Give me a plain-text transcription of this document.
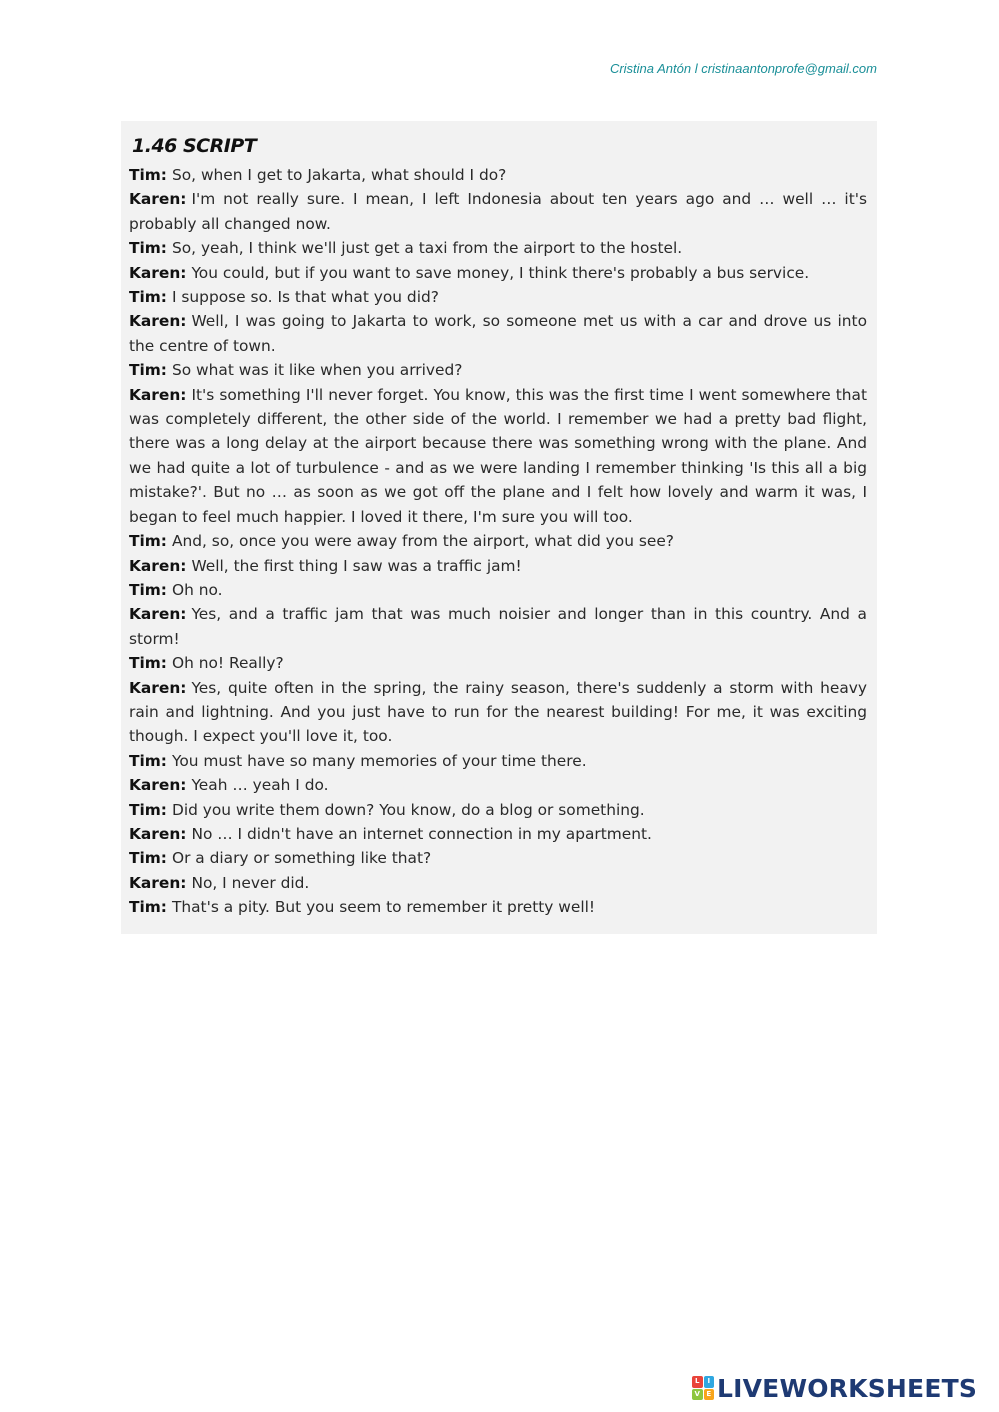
Cristina Antón l cristinaantonprofe@gmail.com
1.46 SCRIPT

Tim: So, when I get to Jakarta, what should I do?

Karen: I'm not really sure. I mean, I left Indonesia about ten years ago and … well … it's probably all changed now.

Tim: So, yeah, I think we'll just get a taxi from the airport to the hostel.

Karen: You could, but if you want to save money, I think there's probably a bus service.

Tim: I suppose so. Is that what you did?

Karen: Well, I was going to Jakarta to work, so someone met us with a car and drove us into the centre of town.

Tim: So what was it like when you arrived?

Karen: It's something I'll never forget. You know, this was the first time I went somewhere that was completely different, the other side of the world. I remember we had a pretty bad flight, there was a long delay at the airport because there was something wrong with the plane. And we had quite a lot of turbulence - and as we were landing I remember thinking 'Is this all a big mistake?'. But no … as soon as we got off the plane and I felt how lovely and warm it was, I began to feel much happier. I loved it there, I'm sure you will too.

Tim: And, so, once you were away from the airport, what did you see?

Karen: Well, the first thing I saw was a traffic jam!

Tim: Oh no.

Karen: Yes, and a traffic jam that was much noisier and longer than in this country. And a storm!

Tim: Oh no! Really?

Karen: Yes, quite often in the spring, the rainy season, there's suddenly a storm with heavy rain and lightning. And you just have to run for the nearest building! For me, it was exciting though. I expect you'll love it, too.

Tim: You must have so many memories of your time there.

Karen: Yeah … yeah I do.

Tim: Did you write them down? You know, do a blog or something.

Karen: No … I didn't have an internet connection in my apartment.

Tim: Or a diary or something like that?

Karen: No, I never did.

Tim: That's a pity. But you seem to remember it pretty well!

L	I
V E LIVEWORKSHEETS
